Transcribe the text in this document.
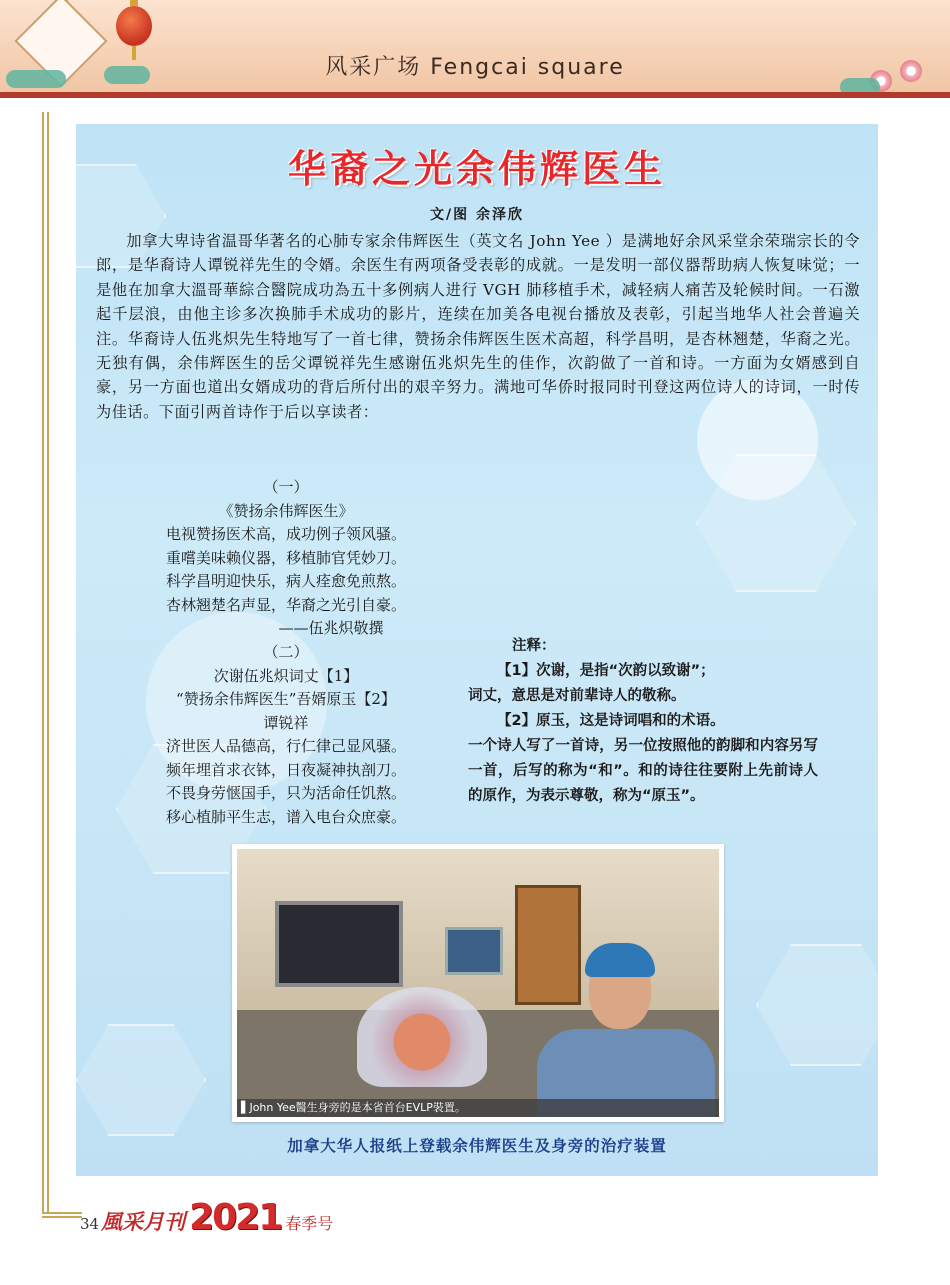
风采广场 Fengcai square
华裔之光余伟辉医生
文/图 余泽欣
加拿大卑诗省温哥华著名的心肺专家余伟辉医生（英文名 John Yee ）是满地好余风采堂余荣瑞宗长的令郎，是华裔诗人谭锐祥先生的令婿。余医生有两项备受表彰的成就。一是发明一部仪器帮助病人恢复味觉；一是他在加拿大溫哥華綜合醫院成功為五十多例病人进行 VGH 肺移植手术，减轻病人痛苦及轮候时间。一石激起千层浪，由他主诊多次换肺手术成功的影片，连续在加美各电视台播放及表彰，引起当地华人社会普遍关注。华裔诗人伍兆炽先生特地写了一首七律，赞扬余伟辉医生医术高超，科学昌明，是杏林翘楚，华裔之光。无独有偶，余伟辉医生的岳父谭锐祥先生感谢伍兆炽先生的佳作，次韵做了一首和诗。一方面为女婿感到自豪，另一方面也道出女婿成功的背后所付出的艰辛努力。满地可华侨时报同时刊登这两位诗人的诗词，一时传为佳话。下面引两首诗作于后以享读者：
（一）
《赞扬余伟辉医生》
电视赞扬医术高，成功例子领风骚。
重嚐美味赖仪器，移植肺官凭妙刀。
科学昌明迎快乐，病人痊愈免煎熬。
杏林翘楚名声显，华裔之光引自豪。
——伍兆炽敬撰
（二）
次谢伍兆炽词丈【1】
“赞扬余伟辉医生”吾婿原玉【2】
谭锐祥
济世医人品德高，行仁律己显风骚。
频年埋首求衣钵，日夜凝神执剖刀。
不畏身劳惬国手，只为活命任饥熬。
移心植肺平生志，谱入电台众庶豪。
注释：
【1】次谢，是指“次韵以致谢”；
词丈，意思是对前辈诗人的敬称。
【2】原玉，这是诗词唱和的术语。
一个诗人写了一首诗，另一位按照他的韵脚和内容另写一首，后写的称为“和”。和的诗往往要附上先前诗人的原作，为表示尊敬，称为“原玉”。
▌John Yee醫生身旁的是本省首台EVLP裝置。
加拿大华人报纸上登载余伟辉医生及身旁的治疗装置
34 風采月刊 2021 春季号
